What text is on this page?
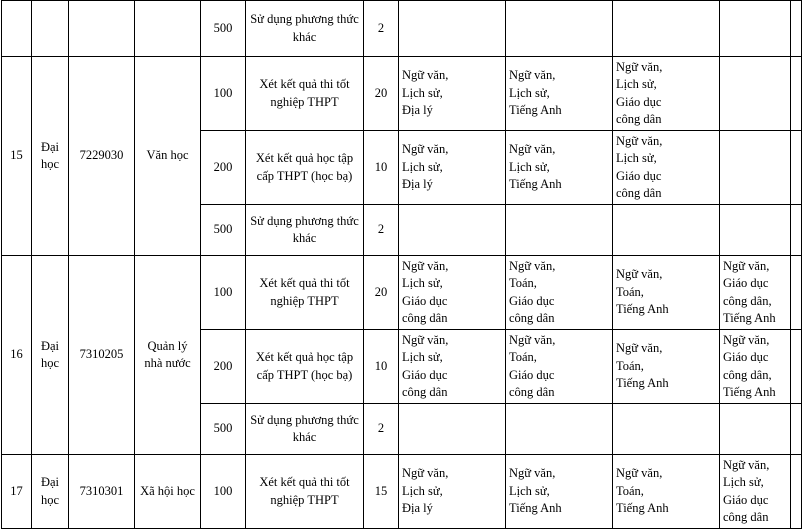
				500	Sử dụng phương thức khác	2					
15	Đại học	7229030	Văn học	100	Xét kết quả thi tốt nghiệp THPT	20	Ngữ văn,
Lịch sử,
Địa lý	Ngữ văn,
Lịch sử,
Tiếng Anh	Ngữ văn,
Lịch sử,
Giáo dục
công dân		

				200	Xét kết quả học tập cấp THPT (học bạ)	10	Ngữ văn,
Lịch sử,
Địa lý	Ngữ văn,
Lịch sử,
Tiếng Anh	Ngữ văn,
Lịch sử,
Giáo dục
công dân		

				500	Sử dụng phương thức khác	2					
16	Đại học	7310205	Quản lý nhà nước	100	Xét kết quả thi tốt nghiệp THPT	20	Ngữ văn,
Lịch sử,
Giáo dục
công dân	Ngữ văn,
Toán,
Giáo dục
công dân	Ngữ văn,
Toán,
Tiếng Anh	Ngữ văn,
Giáo dục
công dân,
Tiếng Anh	

				200	Xét kết quả học tập cấp THPT (học bạ)	10	Ngữ văn,
Lịch sử,
Giáo dục
công dân	Ngữ văn,
Toán,
Giáo dục
công dân	Ngữ văn,
Toán,
Tiếng Anh	Ngữ văn,
Giáo dục
công dân,
Tiếng Anh	

				500	Sử dụng phương thức khác	2					
17	Đại học	7310301	Xã hội học	100	Xét kết quả thi tốt nghiệp THPT	15	Ngữ văn,
Lịch sử,
Địa lý	Ngữ văn,
Lịch sử,
Tiếng Anh	Ngữ văn,
Toán,
Tiếng Anh	Ngữ văn,
Lịch sử,
Giáo dục
công dân	
